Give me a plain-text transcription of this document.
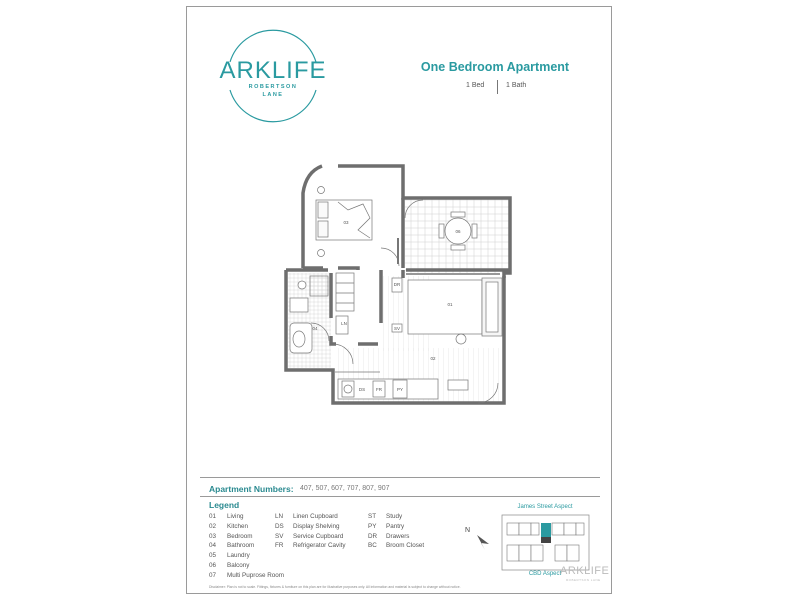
ARKLIFE
ROBERTSON
LANE
One Bedroom Apartment
1 Bed	1 Bath
03
06
01
02
04
LN
DR
SV
DS FR	PY
Apartment Numbers: 407, 507, 607, 707, 807, 907
Legend
01 Living
02 Kitchen
03 Bedroom
04 Bathroom
05 Laundry
06 Balcony
07 Multi Puprose Room
LN Linen Cupboard
DS Display Shelving
SV Service Cupboard
FR Refrigerator Cavity
ST Study
PY Pantry
DR Drawers
BC Broom Closet
N
James Street Aspect
CBD Aspect
ARKLIFE
ROBERTSON LANE
Disclaimer: Plan is not to scale. Fittings, fixtures & furniture on this plan are for illustrative purposes only. All information and material is subject to change without notice.
